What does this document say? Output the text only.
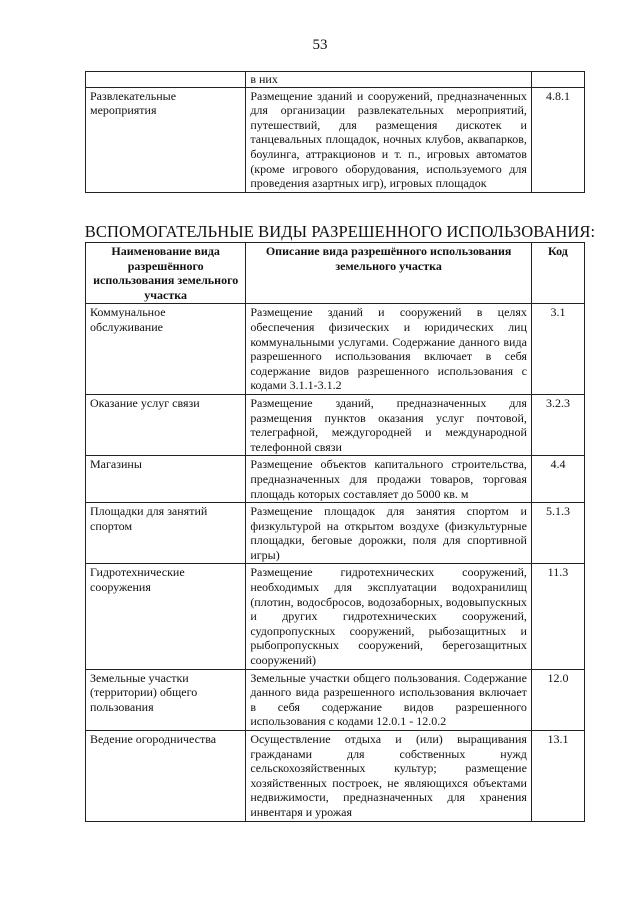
53
	в них	
Развлекательные мероприятия	Размещение зданий и сооружений, предназначенных для организации развлекательных мероприятий, путешествий, для размещения дискотек и танцевальных площадок, ночных клубов, аквапарков, боулинга, аттракционов и т. п., игровых автоматов (кроме игрового оборудования, используемого для проведения азартных игр), игровых площадок	4.8.1
ВСПОМОГАТЕЛЬНЫЕ ВИДЫ РАЗРЕШЕННОГО ИСПОЛЬЗОВАНИЯ:
Наименование вида разрешённого использования земельного участка	Описание вида разрешённого использования земельного участка	Код
Коммунальное обслуживание	Размещение зданий и сооружений в целях обеспечения физических и юридических лиц коммунальными услугами. Содержание данного вида разрешенного использования включает в себя содержание видов разрешенного использования с кодами 3.1.1-3.1.2	3.1
Оказание услуг связи	Размещение зданий, предназначенных для размещения пунктов оказания услуг почтовой, телеграфной, междугородней и международной телефонной связи	3.2.3
Магазины	Размещение объектов капитального строительства, предназначенных для продажи товаров, торговая площадь которых составляет до 5000 кв. м	4.4
Площадки для занятий спортом	Размещение площадок для занятия спортом и физкультурой на открытом воздухе (физкультурные площадки, беговые дорожки, поля для спортивной игры)	5.1.3
Гидротехнические сооружения	Размещение гидротехнических сооружений, необходимых для эксплуатации водохранилищ (плотин, водосбросов, водозаборных, водовыпускных и других гидротехнических сооружений, судопропускных сооружений, рыбозащитных и рыбопропускных сооружений, берегозащитных сооружений)	11.3
Земельные участки (территории) общего пользования	Земельные участки общего пользования. Содержание данного вида разрешенного использования включает в себя содержание видов разрешенного использования с кодами 12.0.1 - 12.0.2	12.0
Ведение огородничества	Осуществление отдыха и (или) выращивания гражданами для собственных нужд сельскохозяйственных культур; размещение хозяйственных построек, не являющихся объектами недвижимости, предназначенных для хранения инвентаря и урожая	13.1
